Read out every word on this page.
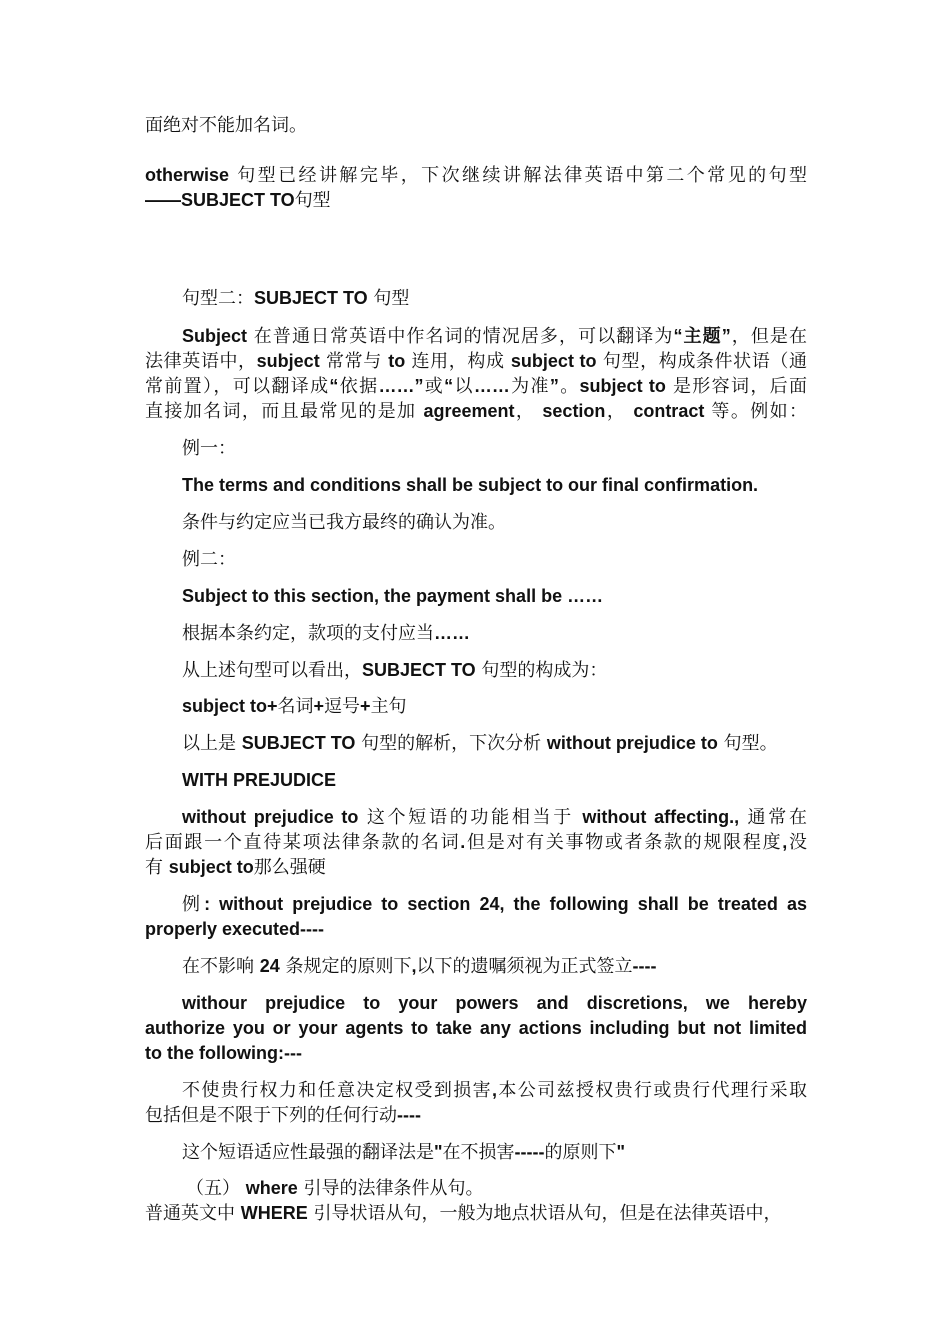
面绝对不能加名词。
otherwise 句型已经讲解完毕，下次继续讲解法律英语中第二个常见的句型
——SUBJECT TO句型
句型二：SUBJECT TO 句型
Subject 在普通日常英语中作名词的情况居多，可以翻译为“主题”，但是在
法律英语中，subject 常常与 to 连用，构成 subject to 句型，构成条件状语（通
常前置），可以翻译成“依据……”或“以……为准”。subject to 是形容词，后面
直接加名词，而且最常见的是加 agreement， section， contract 等。例如：
例一：
The terms and conditions shall be subject to our final confirmation.
条件与约定应当已我方最终的确认为准。
例二：
Subject to this section, the payment shall be ……
根据本条约定，款项的支付应当……
从上述句型可以看出，SUBJECT TO 句型的构成为：
subject to+名词+逗号+主句
以上是 SUBJECT TO 句型的解析，下次分析 without prejudice to 句型。
WITH PREJUDICE
without prejudice to 这个短语的功能相当于 without affecting., 通常在
后面跟一个直待某项法律条款的名词.但是对有关事物或者条款的规限程度,没
有 subject to那么强硬
例: without prejudice to section 24, the following shall be treated as
properly executed----
在不影响 24 条规定的原则下,以下的遗嘱须视为正式签立----
withour prejudice to your powers and discretions, we hereby
authorize you or your agents to take any actions including but not limited
to the following:---
不使贵行权力和任意决定权受到损害,本公司兹授权贵行或贵行代理行采取
包括但是不限于下列的任何行动----
这个短语适应性最强的翻译法是"在不损害-----的原则下"
（五） where 引导的法律条件从句。
普通英文中 WHERE 引导状语从句，一般为地点状语从句，但是在法律英语中，
